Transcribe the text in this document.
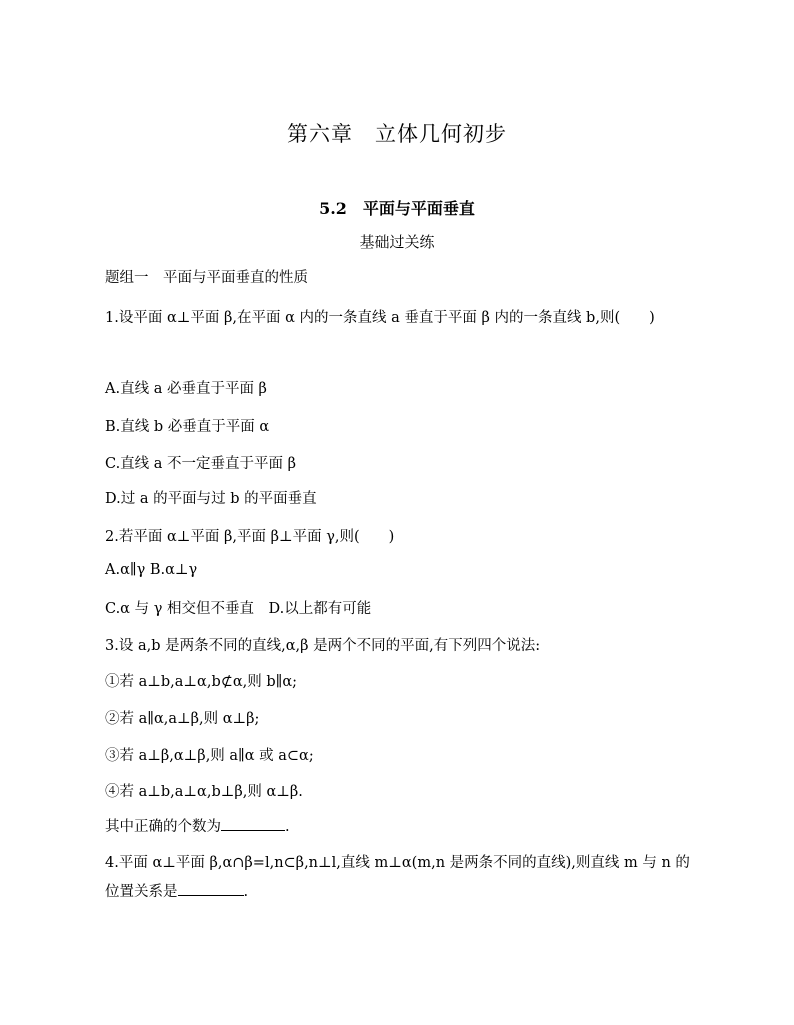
第六章　立体几何初步
5.2　平面与平面垂直
基础过关练
题组一　平面与平面垂直的性质
1.设平面 α⊥平面 β,在平面 α 内的一条直线 a 垂直于平面 β 内的一条直线 b,则(　　)
A.直线 a 必垂直于平面 β
B.直线 b 必垂直于平面 α
C.直线 a 不一定垂直于平面 β
D.过 a 的平面与过 b 的平面垂直
2.若平面 α⊥平面 β,平面 β⊥平面 γ,则(　　)
A.α∥γ B.α⊥γ
C.α 与 γ 相交但不垂直　D.以上都有可能
3.设 a,b 是两条不同的直线,α,β 是两个不同的平面,有下列四个说法:
①若 a⊥b,a⊥α,b⊄α,则 b∥α;
②若 a∥α,a⊥β,则 α⊥β;
③若 a⊥β,α⊥β,则 a∥α 或 a⊂α;
④若 a⊥b,a⊥α,b⊥β,则 α⊥β.
其中正确的个数为	.
4.平面 α⊥平面 β,α∩β=l,n⊂β,n⊥l,直线 m⊥α(m,n 是两条不同的直线),则直线 m 与 n 的
位置关系是	.
